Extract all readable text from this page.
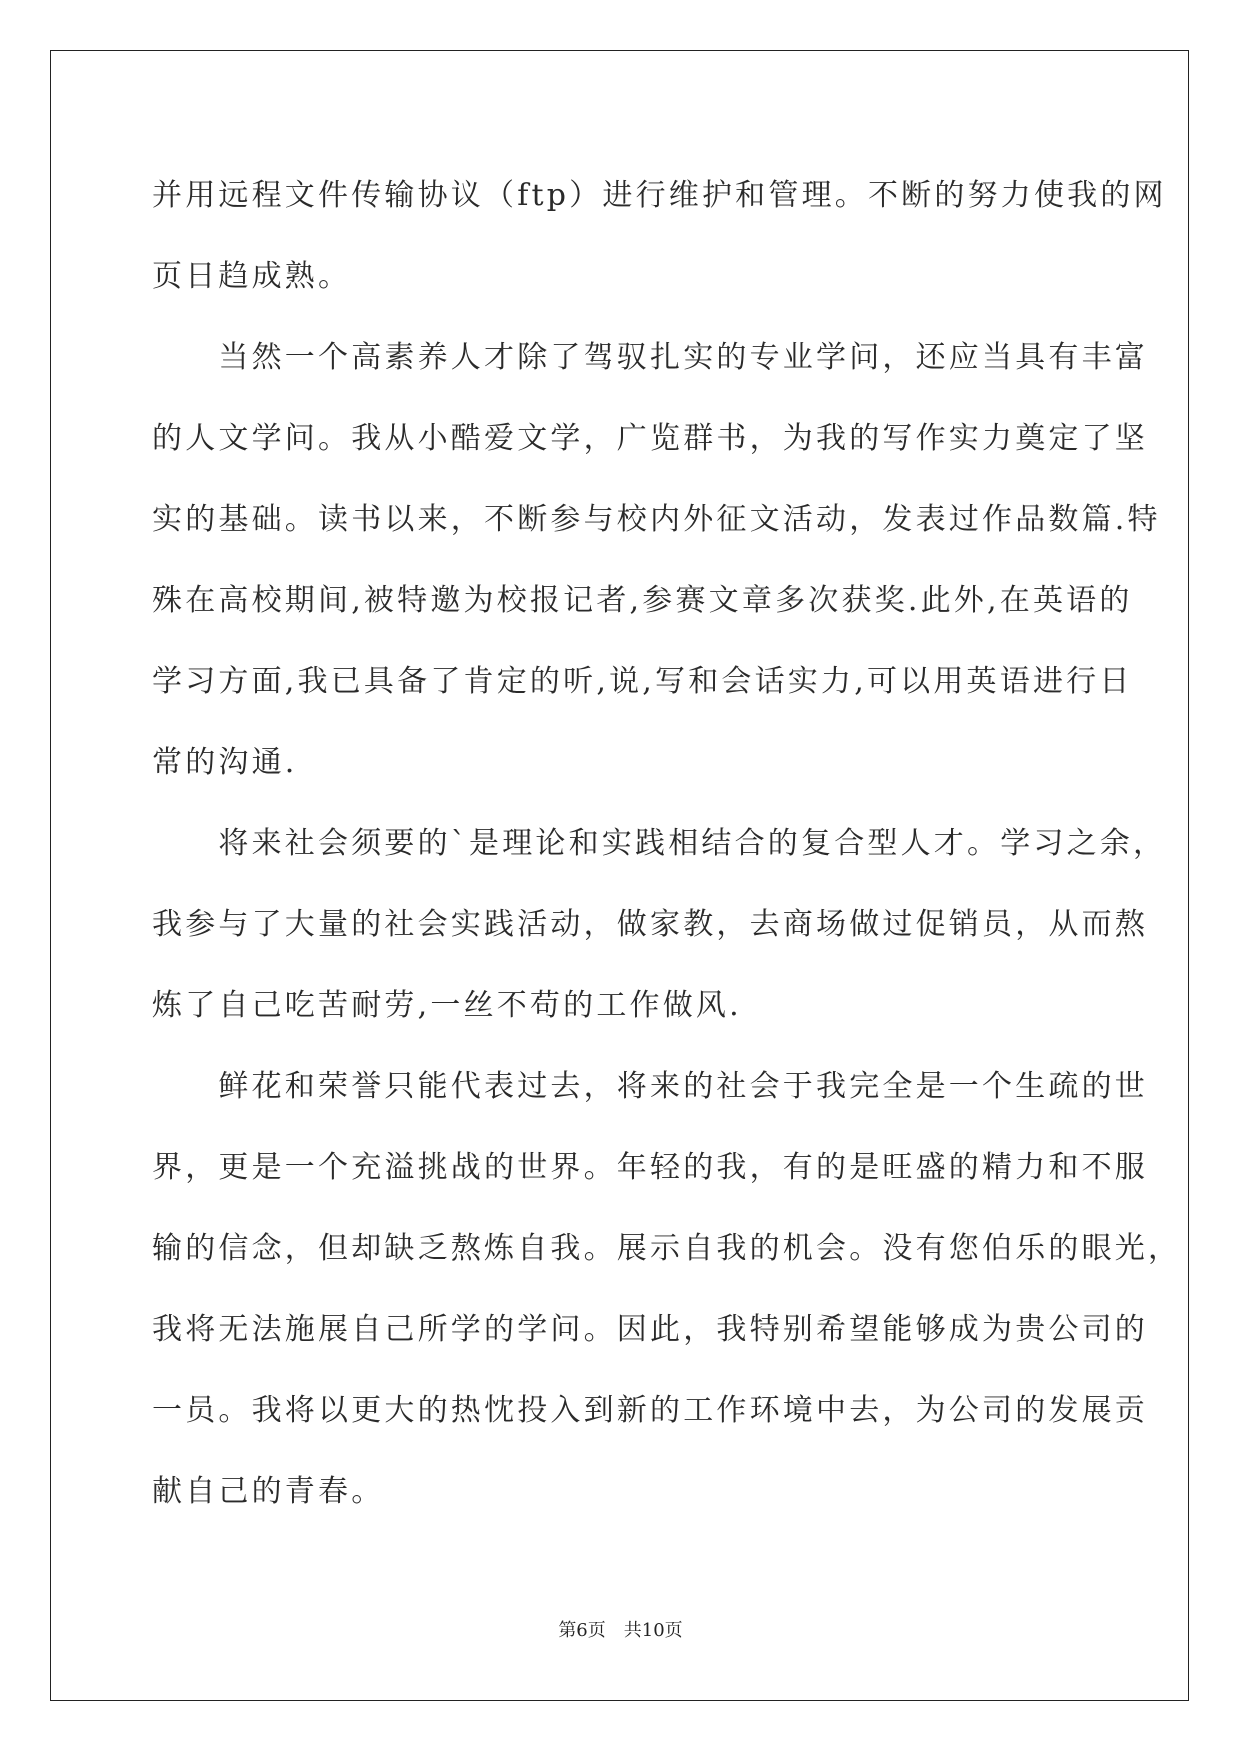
并用远程文件传输协议（ftp）进行维护和管理。不断的努力使我的网
页日趋成熟。
　　当然一个高素养人才除了驾驭扎实的专业学问，还应当具有丰富
的人文学问。我从小酷爱文学，广览群书，为我的写作实力奠定了坚
实的基础。读书以来，不断参与校内外征文活动，发表过作品数篇.特
殊在高校期间,被特邀为校报记者,参赛文章多次获奖.此外,在英语的
学习方面,我已具备了肯定的听,说,写和会话实力,可以用英语进行日
常的沟通.
　　将来社会须要的`是理论和实践相结合的复合型人才。学习之余，
我参与了大量的社会实践活动，做家教，去商场做过促销员，从而熬
炼了自己吃苦耐劳,一丝不苟的工作做风.
　　鲜花和荣誉只能代表过去，将来的社会于我完全是一个生疏的世
界，更是一个充溢挑战的世界。年轻的我，有的是旺盛的精力和不服
输的信念，但却缺乏熬炼自我。展示自我的机会。没有您伯乐的眼光，
我将无法施展自己所学的学问。因此，我特别希望能够成为贵公司的
一员。我将以更大的热忱投入到新的工作环境中去，为公司的发展贡
献自己的青春。
第6页　共10页
